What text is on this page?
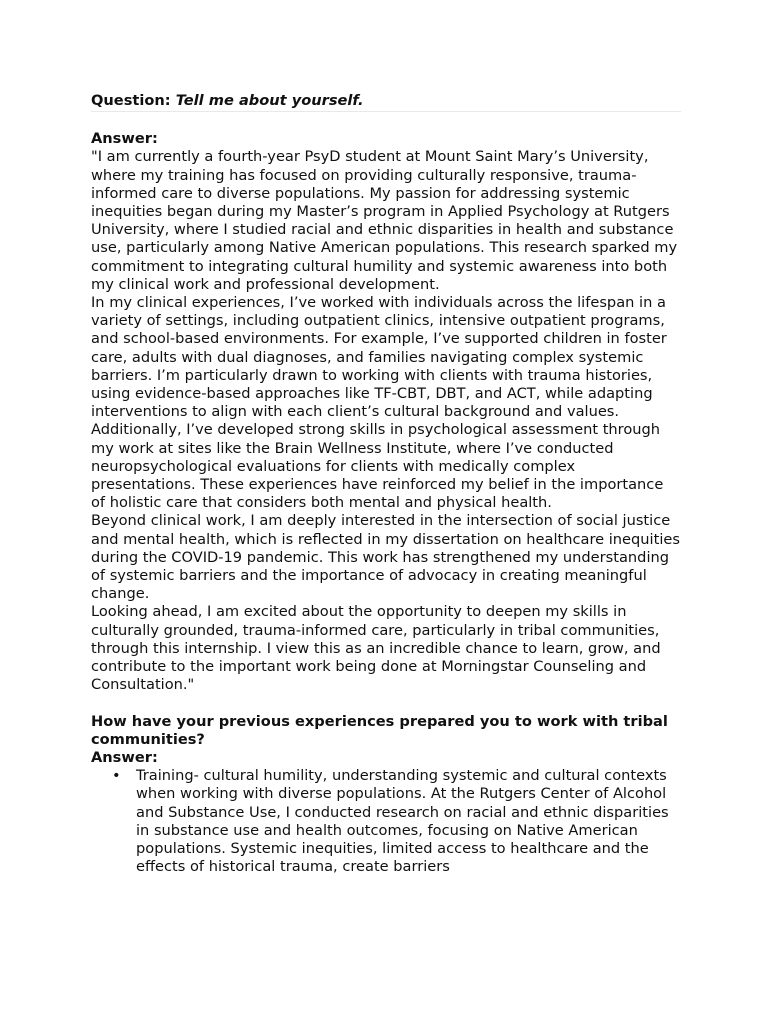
Question: Tell me about yourself.
Answer:

"I am currently a fourth-year PsyD student at Mount Saint Mary’s University, where my training has focused on providing culturally responsive, trauma-informed care to diverse populations. My passion for addressing systemic inequities began during my Master’s program in Applied Psychology at Rutgers University, where I studied racial and ethnic disparities in health and substance use, particularly among Native American populations. This research sparked my commitment to integrating cultural humility and systemic awareness into both my clinical work and professional development.

In my clinical experiences, I’ve worked with individuals across the lifespan in a variety of settings, including outpatient clinics, intensive outpatient programs, and school-based environments. For example, I’ve supported children in foster care, adults with dual diagnoses, and families navigating complex systemic barriers. I’m particularly drawn to working with clients with trauma histories, using evidence-based approaches like TF-CBT, DBT, and ACT, while adapting interventions to align with each client’s cultural background and values.

Additionally, I’ve developed strong skills in psychological assessment through my work at sites like the Brain Wellness Institute, where I’ve conducted neuropsychological evaluations for clients with medically complex presentations. These experiences have reinforced my belief in the importance of holistic care that considers both mental and physical health.

Beyond clinical work, I am deeply interested in the intersection of social justice and mental health, which is reflected in my dissertation on healthcare inequities during the COVID-19 pandemic. This work has strengthened my understanding of systemic barriers and the importance of advocacy in creating meaningful change.

Looking ahead, I am excited about the opportunity to deepen my skills in culturally grounded, trauma-informed care, particularly in tribal communities, through this internship. I view this as an incredible chance to learn, grow, and contribute to the important work being done at Morningstar Counseling and Consultation."

How have your previous experiences prepared you to work with tribal communities?
Answer:
• Training- cultural humility, understanding systemic and cultural contexts when working with diverse populations. At the Rutgers Center of Alcohol and Substance Use, I conducted research on racial and ethnic disparities in substance use and health outcomes, focusing on Native American populations. Systemic inequities, limited access to healthcare and the effects of historical trauma, create barriers
